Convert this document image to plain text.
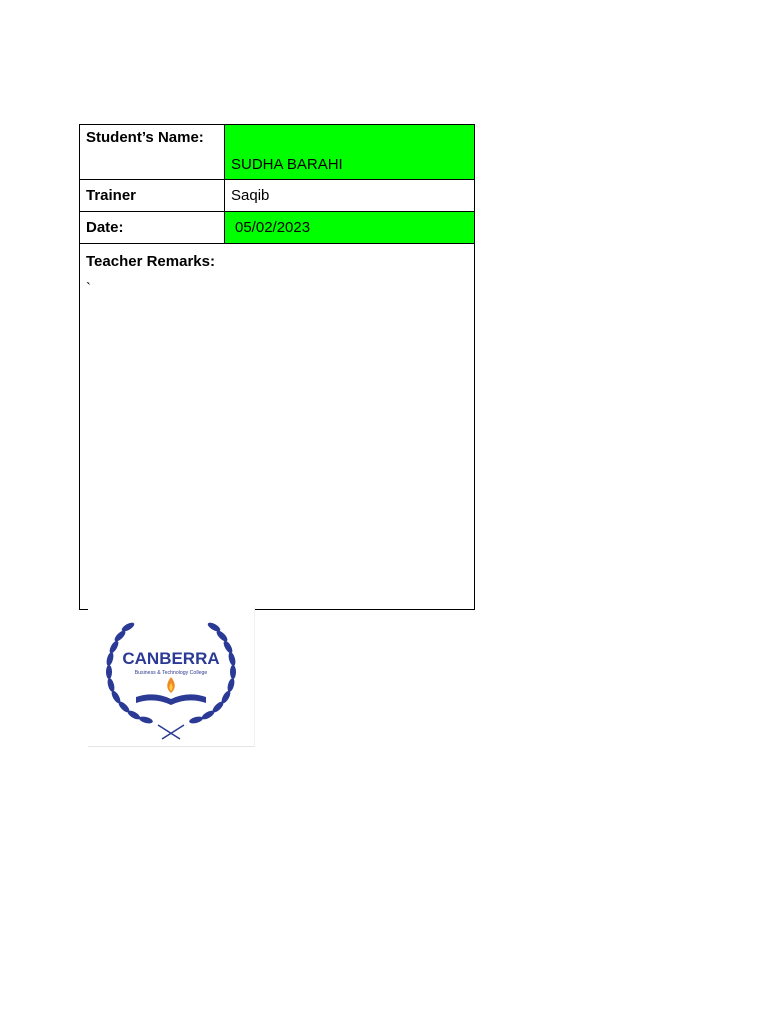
Student’s Name:	SUDHA BARAHI
Trainer	Saqib
Date:	05/02/2023

Teacher Remarks:
`	
CANBERRA
Business & Technology College
